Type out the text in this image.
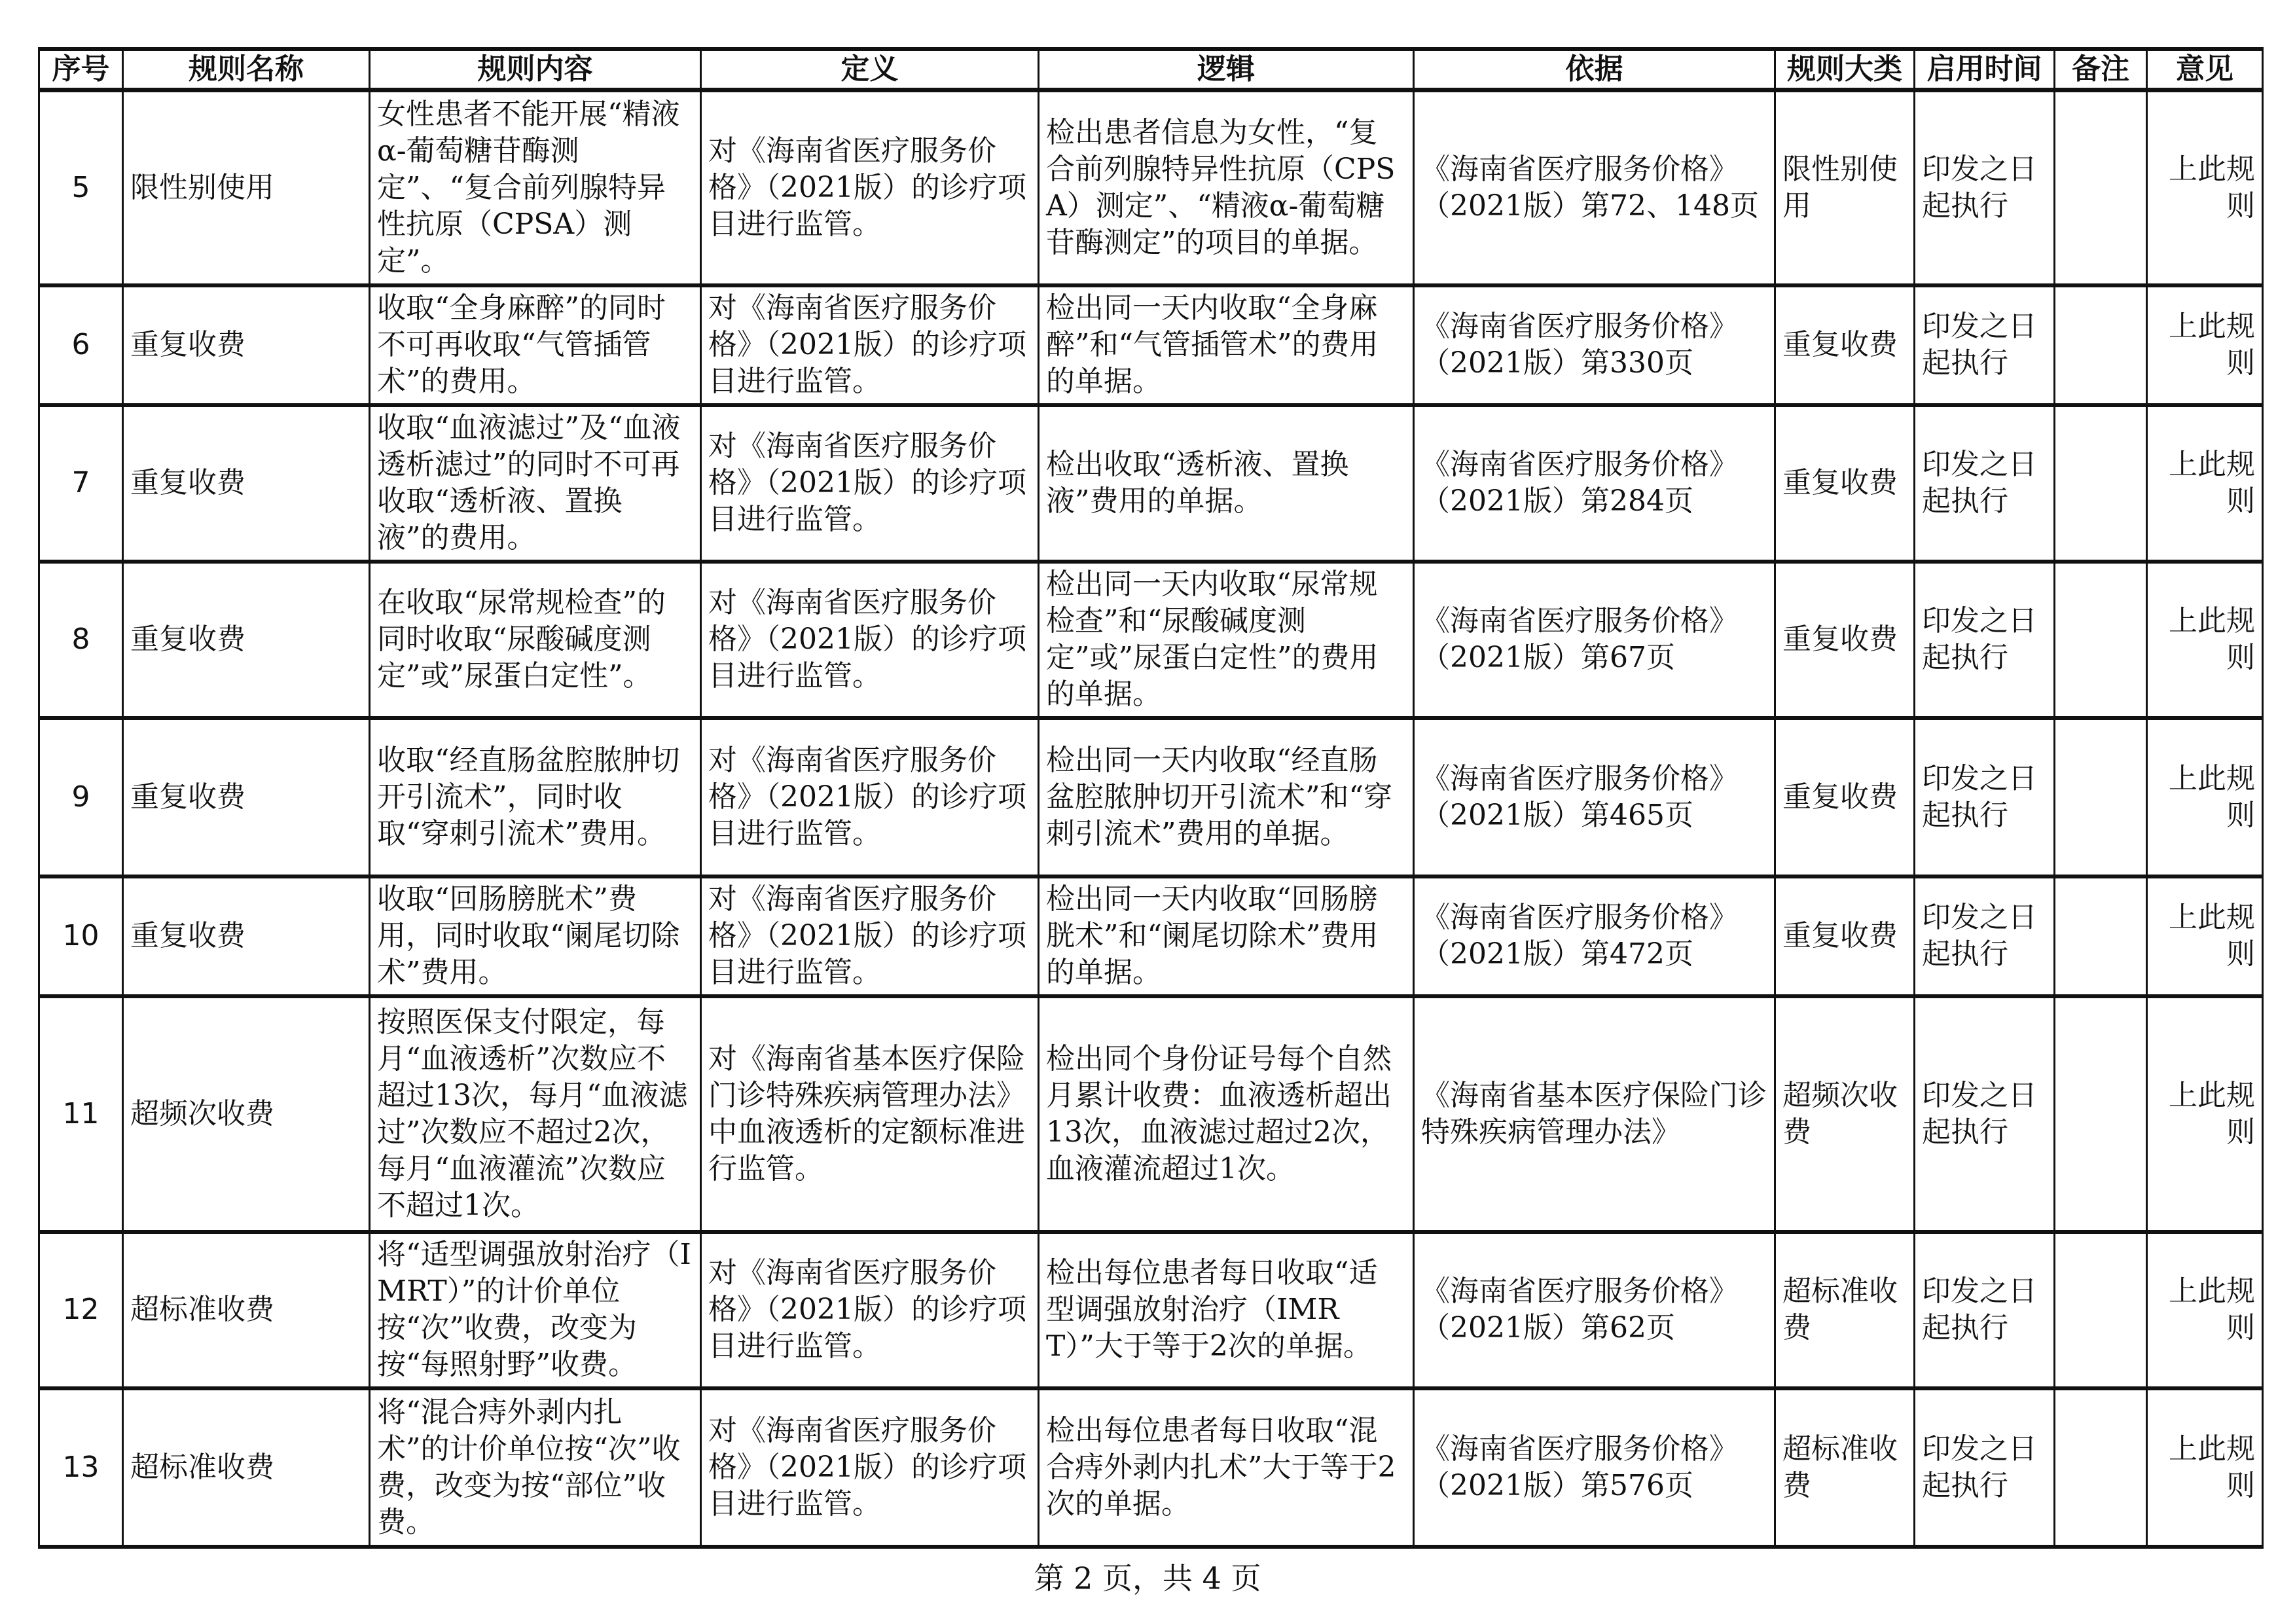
序号	规则名称	规则内容	定义	逻辑	依据	规则大类	启用时间	备注	意见
5	限性别使用	女性患者不能开展“精液α-葡萄糖苷酶测定”、“复合前列腺特异性抗原（CPSA）测定”。	对《海南省医疗服务价格》（2021版）的诊疗项目进行监管。	检出患者信息为女性，“复合前列腺特异性抗原（CPSA）测定”、“精液α-葡萄糖苷酶测定”的项目的单据。	《海南省医疗服务价格》（2021版）第72、148页	限性别使用	印发之日起执行		上此规则
6	重复收费	收取“全身麻醉”的同时不可再收取“气管插管术”的费用。	对《海南省医疗服务价格》（2021版）的诊疗项目进行监管。	检出同一天内收取“全身麻醉”和“气管插管术”的费用的单据。	《海南省医疗服务价格》（2021版）第330页	重复收费	印发之日起执行		上此规则
7	重复收费	收取“血液滤过”及“血液透析滤过”的同时不可再收取“透析液、置换液”的费用。	对《海南省医疗服务价格》（2021版）的诊疗项目进行监管。	检出收取“透析液、置换液”费用的单据。	《海南省医疗服务价格》（2021版）第284页	重复收费	印发之日起执行		上此规则
8	重复收费	在收取“尿常规检查”的同时收取“尿酸碱度测定”或”尿蛋白定性”。	对《海南省医疗服务价格》（2021版）的诊疗项目进行监管。	检出同一天内收取“尿常规检查”和“尿酸碱度测定”或”尿蛋白定性”的费用的单据。	《海南省医疗服务价格》（2021版）第67页	重复收费	印发之日起执行		上此规则
9	重复收费	收取“经直肠盆腔脓肿切开引流术”，同时收取“穿刺引流术”费用。	对《海南省医疗服务价格》（2021版）的诊疗项目进行监管。	检出同一天内收取“经直肠盆腔脓肿切开引流术”和“穿刺引流术”费用的单据。	《海南省医疗服务价格》（2021版）第465页	重复收费	印发之日起执行		上此规则
10	重复收费	收取“回肠膀胱术”费用，同时收取“阑尾切除术”费用。	对《海南省医疗服务价格》（2021版）的诊疗项目进行监管。	检出同一天内收取“回肠膀胱术”和“阑尾切除术”费用的单据。	《海南省医疗服务价格》（2021版）第472页	重复收费	印发之日起执行		上此规则
11	超频次收费	按照医保支付限定，每月“血液透析”次数应不超过13次，每月“血液滤过”次数应不超过2次，每月“血液灌流”次数应不超过1次。	对《海南省基本医疗保险门诊特殊疾病管理办法》中血液透析的定额标准进行监管。	检出同个身份证号每个自然月累计收费：血液透析超出13次，血液滤过超过2次，血液灌流超过1次。	《海南省基本医疗保险门诊特殊疾病管理办法》	超频次收费	印发之日起执行		上此规则
12	超标准收费	将“适型调强放射治疗（IMRT）”的计价单位按“次”收费，改变为按“每照射野”收费。	对《海南省医疗服务价格》（2021版）的诊疗项目进行监管。	检出每位患者每日收取“适型调强放射治疗（IMRT）”大于等于2次的单据。	《海南省医疗服务价格》（2021版）第62页	超标准收费	印发之日起执行		上此规则
13	超标准收费	将“混合痔外剥内扎术”的计价单位按“次”收费，改变为按“部位”收费。	对《海南省医疗服务价格》（2021版）的诊疗项目进行监管。	检出每位患者每日收取“混合痔外剥内扎术”大于等于2次的单据。	《海南省医疗服务价格》（2021版）第576页	超标准收费	印发之日起执行		上此规则
第 2 页，共 4 页
